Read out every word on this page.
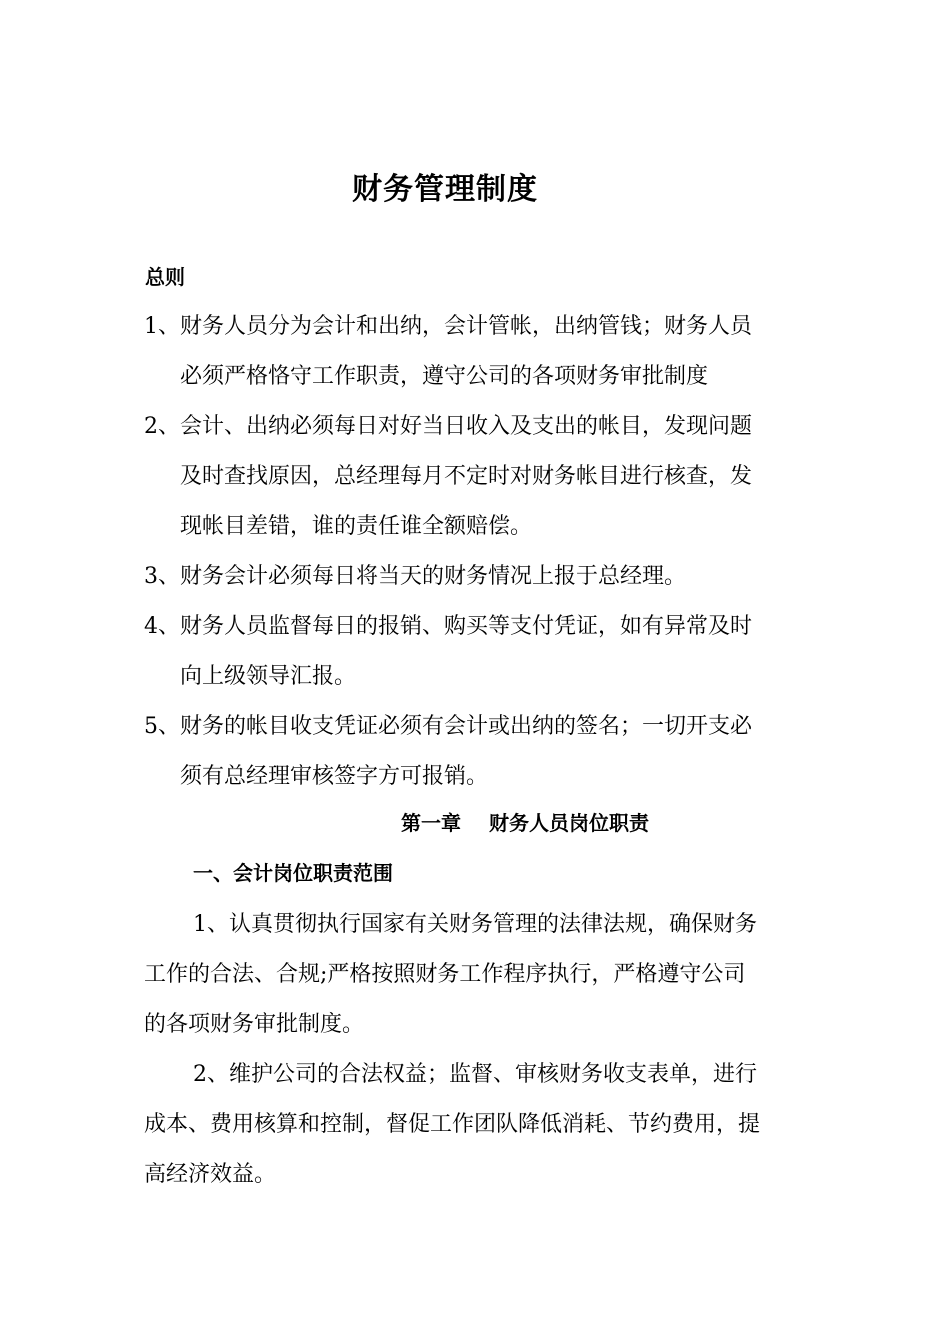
财务管理制度
总则
1、财务人员分为会计和出纳，会计管帐，出纳管钱；财务人员
必须严格恪守工作职责，遵守公司的各项财务审批制度
2、会计、出纳必须每日对好当日收入及支出的帐目，发现问题
及时查找原因，总经理每月不定时对财务帐目进行核查，发
现帐目差错，谁的责任谁全额赔偿。
3、财务会计必须每日将当天的财务情况上报于总经理。
4、财务人员监督每日的报销、购买等支付凭证，如有异常及时
向上级领导汇报。
5、财务的帐目收支凭证必须有会计或出纳的签名；一切开支必
须有总经理审核签字方可报销。
第一章 财务人员岗位职责
一、会计岗位职责范围
1、认真贯彻执行国家有关财务管理的法律法规，确保财务
工作的合法、合规;严格按照财务工作程序执行，严格遵守公司
的各项财务审批制度。
2、维护公司的合法权益；监督、审核财务收支表单，进行
成本、费用核算和控制，督促工作团队降低消耗、节约费用，提
高经济效益。
